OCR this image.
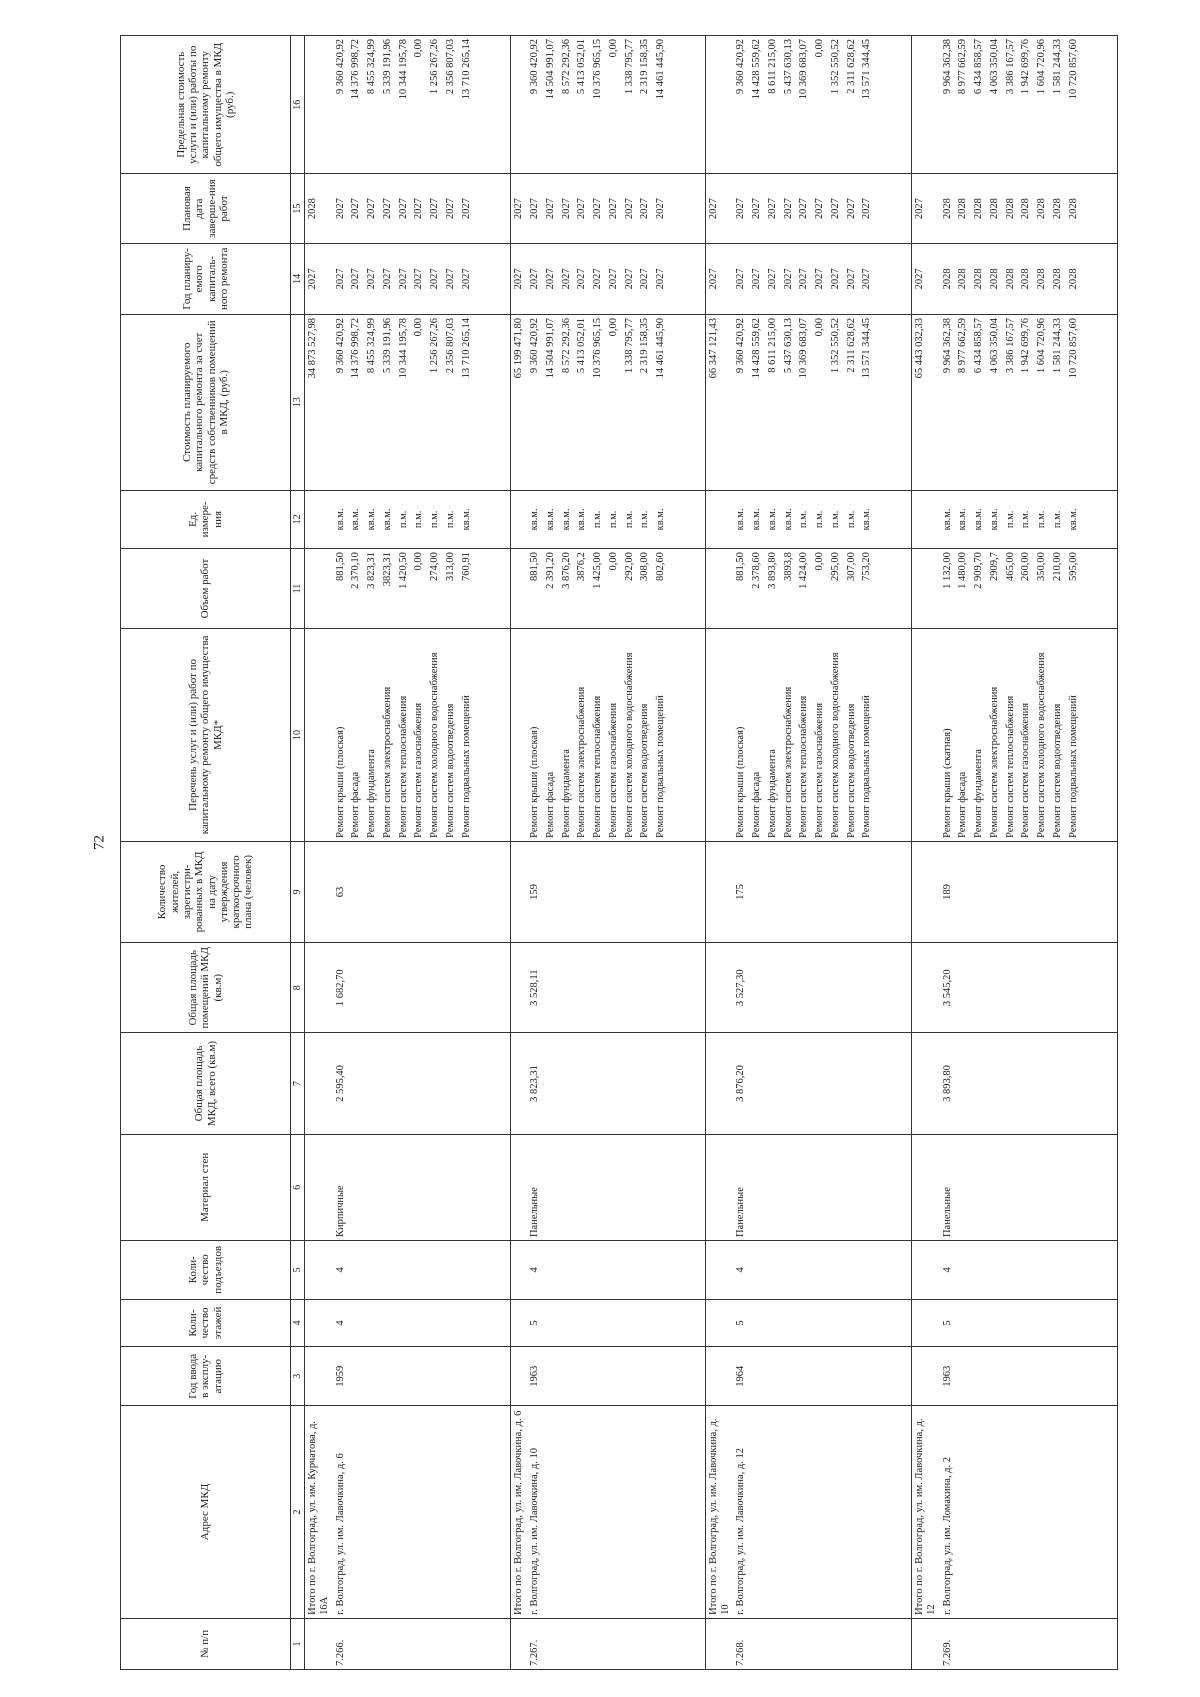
72
№ п/п	Адрес МКД	Год ввода в эксплу-атацию	Коли-чество этажей	Коли-чество подъездов	Материал стен	Общая площадь МКД, всего (кв.м)	Общая площадь помещений МКД (кв.м)	Количество жителей, зарегистри-рованных в МКД на дату утверждения краткосрочного плана (человек)	Перечень услуг и (или) работ по капитальному ремонту общего имущества МКД*	Объем работ	Ед. измере-ния	Стоимость планируемого капитального ремонта за счет средств собственников помещений в МКД, (руб.)	Год планиру-емого капиталь-ного ремонта	Плановая дата заверше-ния работ	Предельная стоимость услуги и (или) работы по капитальному ремонту общего имущества в МКД (руб.)
1	2	3	4	5	6	7	8	9	10	11	12	13	14	15	16
	Итого по г. Волгоград, ул. им. Курчатова, д. 16А											34 873 527,98	2027	2028	
7.266.	г. Волгоград, ул. им. Лавочкина, д. 6	1959	4	4	Кирпичные	2 595,40	1 682,70	63	Ремонт крыши (плоская)	881,50	кв.м.	9 360 420,92	2027	2027	9 360 420,92
									Ремонт фасада	2 370,10	кв.м.	14 376 998,72	2027	2027	14 376 998,72
									Ремонт фундамента	3 823,31	кв.м.	8 455 324,99	2027	2027	8 455 324,99
									Ремонт систем электроснабжения	3823,31	кв.м.	5 339 191,96	2027	2027	5 339 191,96
									Ремонт систем теплоснабжения	1 420,50	п.м.	10 344 195,78	2027	2027	10 344 195,78
									Ремонт систем газоснабжения	0,00	п.м.	0,00	2027	2027	0,00
									Ремонт систем холодного водоснабжения	274,00	п.м.	1 256 267,26	2027	2027	1 256 267,26
									Ремонт систем водоотведения	313,00	п.м.	2 356 807,03	2027	2027	2 356 807,03
									Ремонт подвальных помещений	760,91	кв.м.	13 710 265,14	2027	2027	13 710 265,14

	Итого по г. Волгоград, ул. им. Лавочкина, д. 6											65 199 471,80	2027	2027	
7.267.	г. Волгоград, ул. им. Лавочкина, д. 10	1963	5	4	Панельные	3 823,31	3 528,11	159	Ремонт крыши (плоская)	881,50	кв.м.	9 360 420,92	2027	2027	9 360 420,92
									Ремонт фасада	2 391,20	кв.м.	14 504 991,07	2027	2027	14 504 991,07
									Ремонт фундамента	3 876,20	кв.м.	8 572 292,36	2027	2027	8 572 292,36
									Ремонт систем электроснабжения	3876,2	кв.м.	5 413 052,01	2027	2027	5 413 052,01
									Ремонт систем теплоснабжения	1 425,00	п.м.	10 376 965,15	2027	2027	10 376 965,15
									Ремонт систем газоснабжения	0,00	п.м.	0,00	2027	2027	0,00
									Ремонт систем холодного водоснабжения	292,00	п.м.	1 338 795,77	2027	2027	1 338 795,77
									Ремонт систем водоотведения	308,00	п.м.	2 319 158,35	2027	2027	2 319 158,35
									Ремонт подвальных помещений	802,60	кв.м.	14 461 445,90	2027	2027	14 461 445,90

	Итого по г. Волгоград, ул. им. Лавочкина, д. 10											66 347 121,43	2027	2027	
7.268.	г. Волгоград, ул. им. Лавочкина, д. 12	1964	5	4	Панельные	3 876,20	3 527,30	175	Ремонт крыши (плоская)	881,50	кв.м.	9 360 420,92	2027	2027	9 360 420,92
									Ремонт фасада	2 378,60	кв.м.	14 428 559,62	2027	2027	14 428 559,62
									Ремонт фундамента	3 893,80	кв.м.	8 611 215,00	2027	2027	8 611 215,00
									Ремонт систем электроснабжения	3893,8	кв.м.	5 437 630,13	2027	2027	5 437 630,13
									Ремонт систем теплоснабжения	1 424,00	п.м.	10 369 683,07	2027	2027	10 369 683,07
									Ремонт систем газоснабжения	0,00	п.м.	0,00	2027	2027	0,00
									Ремонт систем холодного водоснабжения	295,00	п.м.	1 352 550,52	2027	2027	1 352 550,52
									Ремонт систем водоотведения	307,00	п.м.	2 311 628,62	2027	2027	2 311 628,62
									Ремонт подвальных помещений	753,20	кв.м.	13 571 344,45	2027	2027	13 571 344,45

	Итого по г. Волгоград, ул. им. Лавочкина, д. 12											65 443 032,33	2027	2027	
7.269.	г. Волгоград, ул. им. Ломакина, д. 2	1963	5	4	Панельные	3 893,80	3 545,20	189	Ремонт крыши (скатная)	1 132,00	кв.м.	9 964 362,38	2028	2028	9 964 362,38
									Ремонт фасада	1 480,00	кв.м.	8 977 662,59	2028	2028	8 977 662,59
									Ремонт фундамента	2 909,70	кв.м.	6 434 858,57	2028	2028	6 434 858,57
									Ремонт систем электроснабжения	2909,7	кв.м.	4 063 350,04	2028	2028	4 063 350,04
									Ремонт систем теплоснабжения	465,00	п.м.	3 386 167,57	2028	2028	3 386 167,57
									Ремонт систем газоснабжения	260,00	п.м.	1 942 699,76	2028	2028	1 942 699,76
									Ремонт систем холодного водоснабжения	350,00	п.м.	1 604 720,96	2028	2028	1 604 720,96
									Ремонт систем водоотведения	210,00	п.м.	1 581 244,33	2028	2028	1 581 244,33
									Ремонт подвальных помещений	595,00	кв.м.	10 720 857,60	2028	2028	10 720 857,60
